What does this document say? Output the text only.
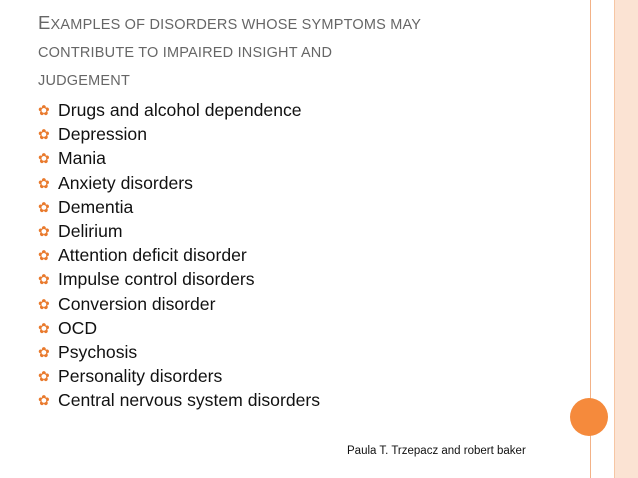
EXAMPLES OF DISORDERS WHOSE SYMPTOMS MAY
CONTRIBUTE TO IMPAIRED INSIGHT AND
JUDGEMENT
✿ Drugs and alcohol dependence
✿ Depression
✿ Mania
✿ Anxiety disorders
✿ Dementia
✿ Delirium
✿ Attention deficit disorder
✿ Impulse control disorders
✿ Conversion disorder
✿ OCD
✿ Psychosis
✿ Personality disorders
✿ Central nervous system disorders
Paula T. Trzepacz and robert baker
